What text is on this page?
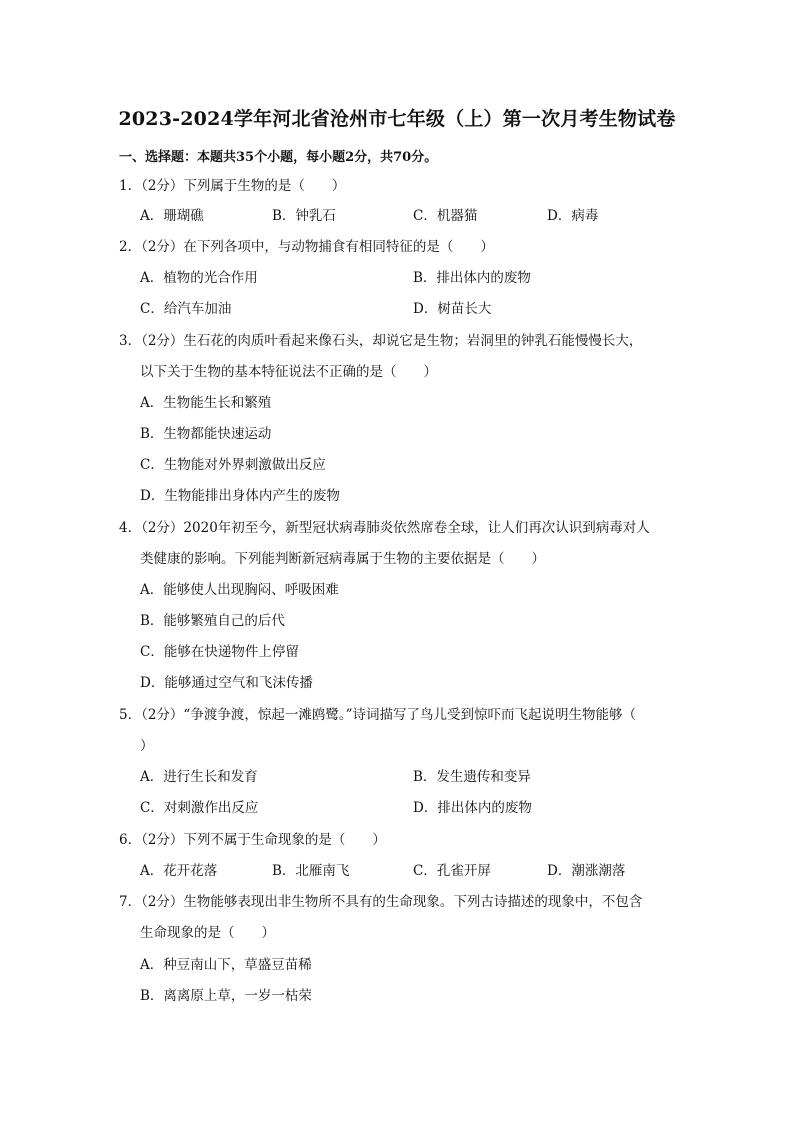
2023-2024学年河北省沧州市七年级（上）第一次月考生物试卷
一、选择题：本题共35个小题，每小题2分，共70分。
1．（2分）下列属于生物的是（　　）
A．珊瑚礁	B．钟乳石	C．机器猫	D．病毒
2．（2分）在下列各项中，与动物捕食有相同特征的是（　　）
A．植物的光合作用	B．排出体内的废物
C．给汽车加油	D．树苗长大
3．（2分）生石花的肉质叶看起来像石头，却说它是生物；岩洞里的钟乳石能慢慢长大，
以下关于生物的基本特征说法不正确的是（　　）
A．生物能生长和繁殖
B．生物都能快速运动
C．生物能对外界刺激做出反应
D．生物能排出身体内产生的废物
4．（2分）2020年初至今，新型冠状病毒肺炎依然席卷全球，让人们再次认识到病毒对人
类健康的影响。下列能判断新冠病毒属于生物的主要依据是（　　）
A．能够使人出现胸闷、呼吸困难
B．能够繁殖自己的后代
C．能够在快递物件上停留
D．能够通过空气和飞沫传播
5．（2分）“争渡争渡，惊起一滩鸥鹭。”诗词描写了鸟儿受到惊吓而飞起说明生物能够（
）
A．进行生长和发育	B．发生遗传和变异
C．对刺激作出反应	D．排出体内的废物
6．（2分）下列不属于生命现象的是（　　）
A．花开花落	B．北雁南飞	C．孔雀开屏	D．潮涨潮落
7．（2分）生物能够表现出非生物所不具有的生命现象。下列古诗描述的现象中，不包含
生命现象的是（　　）
A．种豆南山下，草盛豆苗稀
B．离离原上草，一岁一枯荣
